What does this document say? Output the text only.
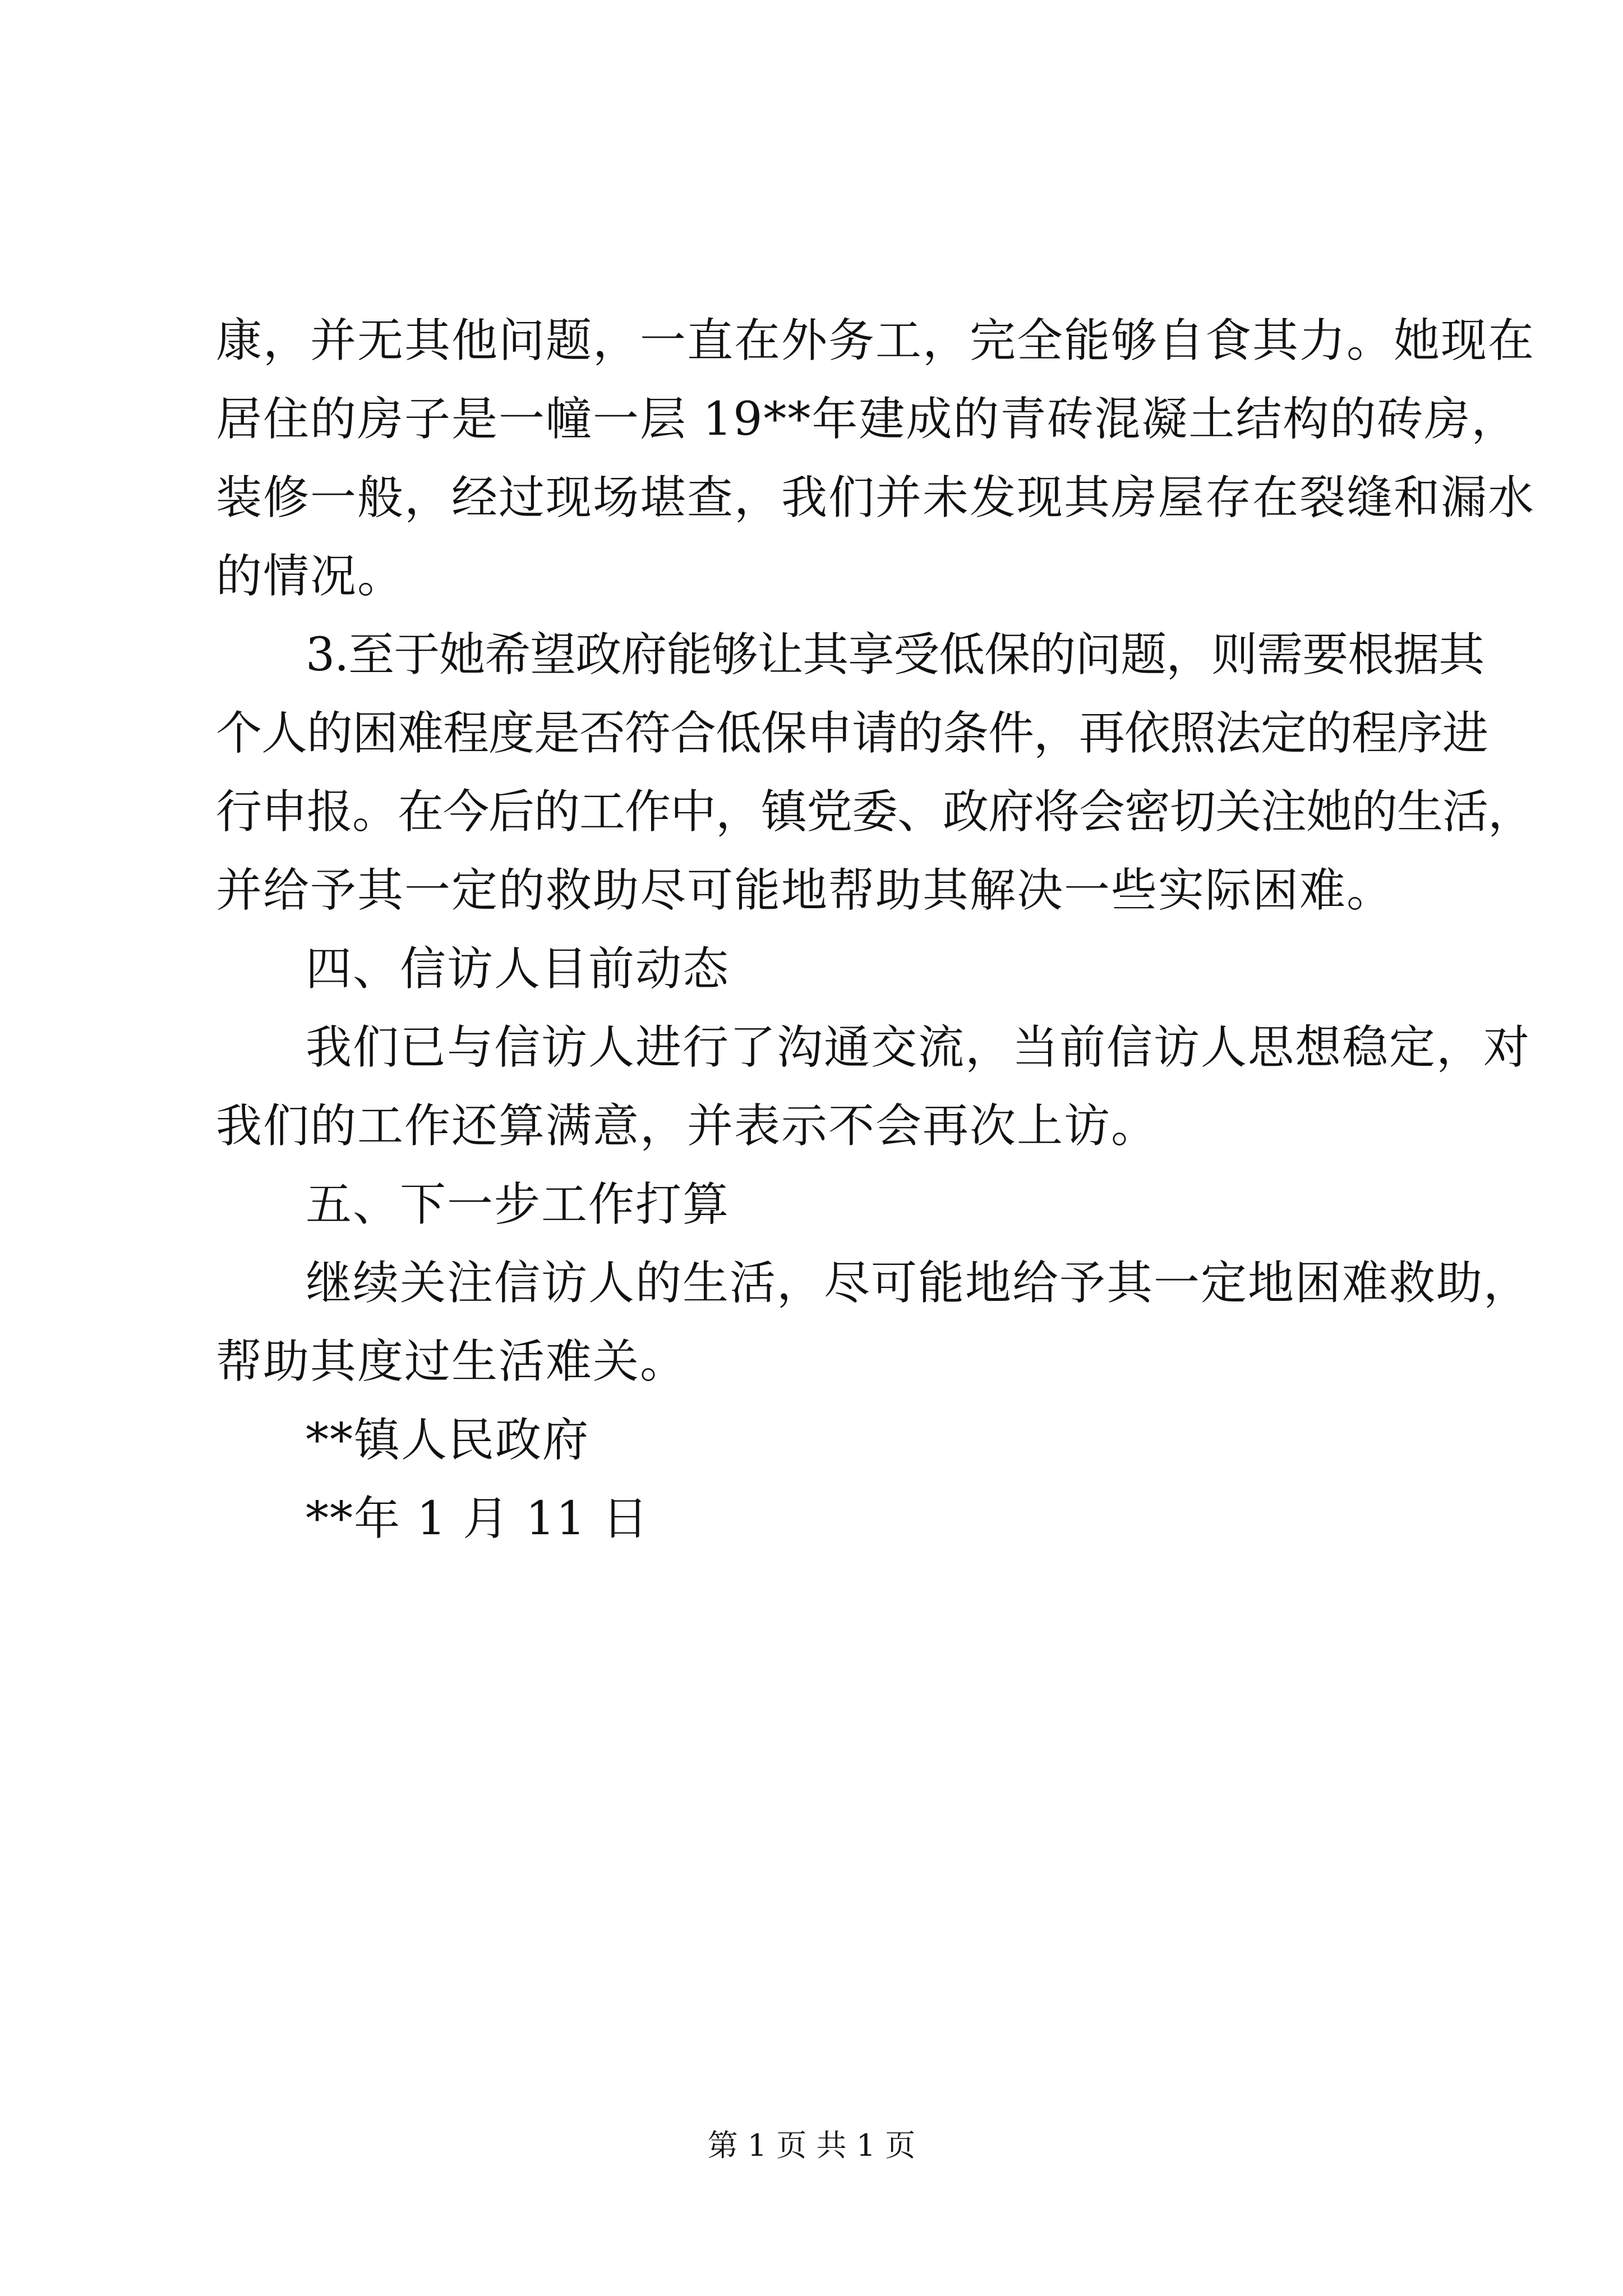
康，并无其他问题，一直在外务工，完全能够自食其力。她现在
居住的房子是一幢一层 19**年建成的青砖混凝土结构的砖房，
装修一般，经过现场堪查，我们并未发现其房屋存在裂缝和漏水
的情况。
3.至于她希望政府能够让其享受低保的问题，则需要根据其
个人的困难程度是否符合低保申请的条件，再依照法定的程序进
行申报。在今后的工作中，镇党委、政府将会密切关注她的生活，
并给予其一定的救助尽可能地帮助其解决一些实际困难。
四、信访人目前动态
我们已与信访人进行了沟通交流，当前信访人思想稳定，对
我们的工作还算满意，并表示不会再次上访。
五、下一步工作打算
继续关注信访人的生活，尽可能地给予其一定地困难救助，
帮助其度过生活难关。
**镇人民政府
**年 1 月 11 日
第 1 页 共 1 页
